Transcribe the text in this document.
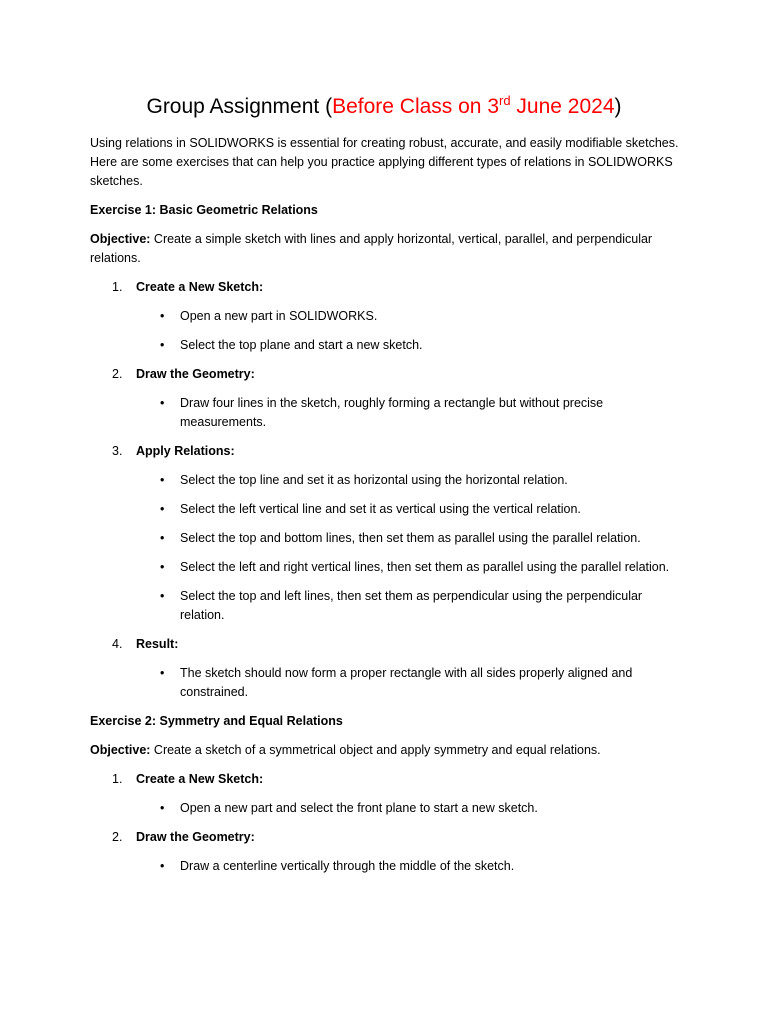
Group Assignment (Before Class on 3rd June 2024)

Using relations in SOLIDWORKS is essential for creating robust, accurate, and easily modifiable sketches. Here are some exercises that can help you practice applying different types of relations in SOLIDWORKS sketches.

Exercise 1: Basic Geometric Relations

Objective: Create a simple sketch with lines and apply horizontal, vertical, parallel, and perpendicular relations.

1. Create a New Sketch:
• Open a new part in SOLIDWORKS.
• Select the top plane and start a new sketch.
2. Draw the Geometry:
• Draw four lines in the sketch, roughly forming a rectangle but without precise measurements.
3. Apply Relations:
• Select the top line and set it as horizontal using the horizontal relation.
• Select the left vertical line and set it as vertical using the vertical relation.
• Select the top and bottom lines, then set them as parallel using the parallel relation.
• Select the left and right vertical lines, then set them as parallel using the parallel relation.
• Select the top and left lines, then set them as perpendicular using the perpendicular relation.
4. Result:
• The sketch should now form a proper rectangle with all sides properly aligned and constrained.

Exercise 2: Symmetry and Equal Relations

Objective: Create a sketch of a symmetrical object and apply symmetry and equal relations.

1. Create a New Sketch:
• Open a new part and select the front plane to start a new sketch.
2. Draw the Geometry:
• Draw a centerline vertically through the middle of the sketch.
